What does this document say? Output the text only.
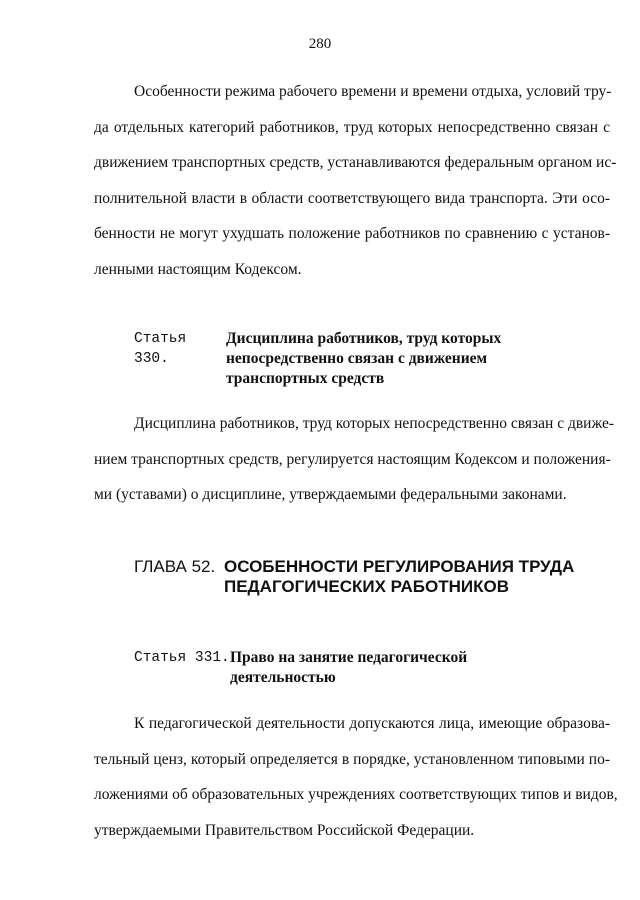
280
Особенности режима рабочего времени и времени отдыха, условий тру-
да отдельных категорий работников, труд которых непосредственно связан с
движением транспортных средств, устанавливаются федеральным органом ис-
полнительной власти в области соответствующего вида транспорта. Эти осо-
бенности не могут ухудшать положение работников по сравнению с установ-
ленными настоящим Кодексом.
Статья 330.
Дисциплина работников, труд которых
непосредственно связан с движением
транспортных средств
Дисциплина работников, труд которых непосредственно связан с движе-
нием транспортных средств, регулируется настоящим Кодексом и положения-
ми (уставами) о дисциплине, утверждаемыми федеральными законами.
ГЛАВА 52. ОСОБЕННОСТИ РЕГУЛИРОВАНИЯ ТРУДА
ПЕДАГОГИЧЕСКИХ РАБОТНИКОВ
Статья 331. Право на занятие педагогической
деятельностью
К педагогической деятельности допускаются лица, имеющие образова-
тельный ценз, который определяется в порядке, установленном типовыми по-
ложениями об образовательных учреждениях соответствующих типов и видов,
утверждаемыми Правительством Российской Федерации.
